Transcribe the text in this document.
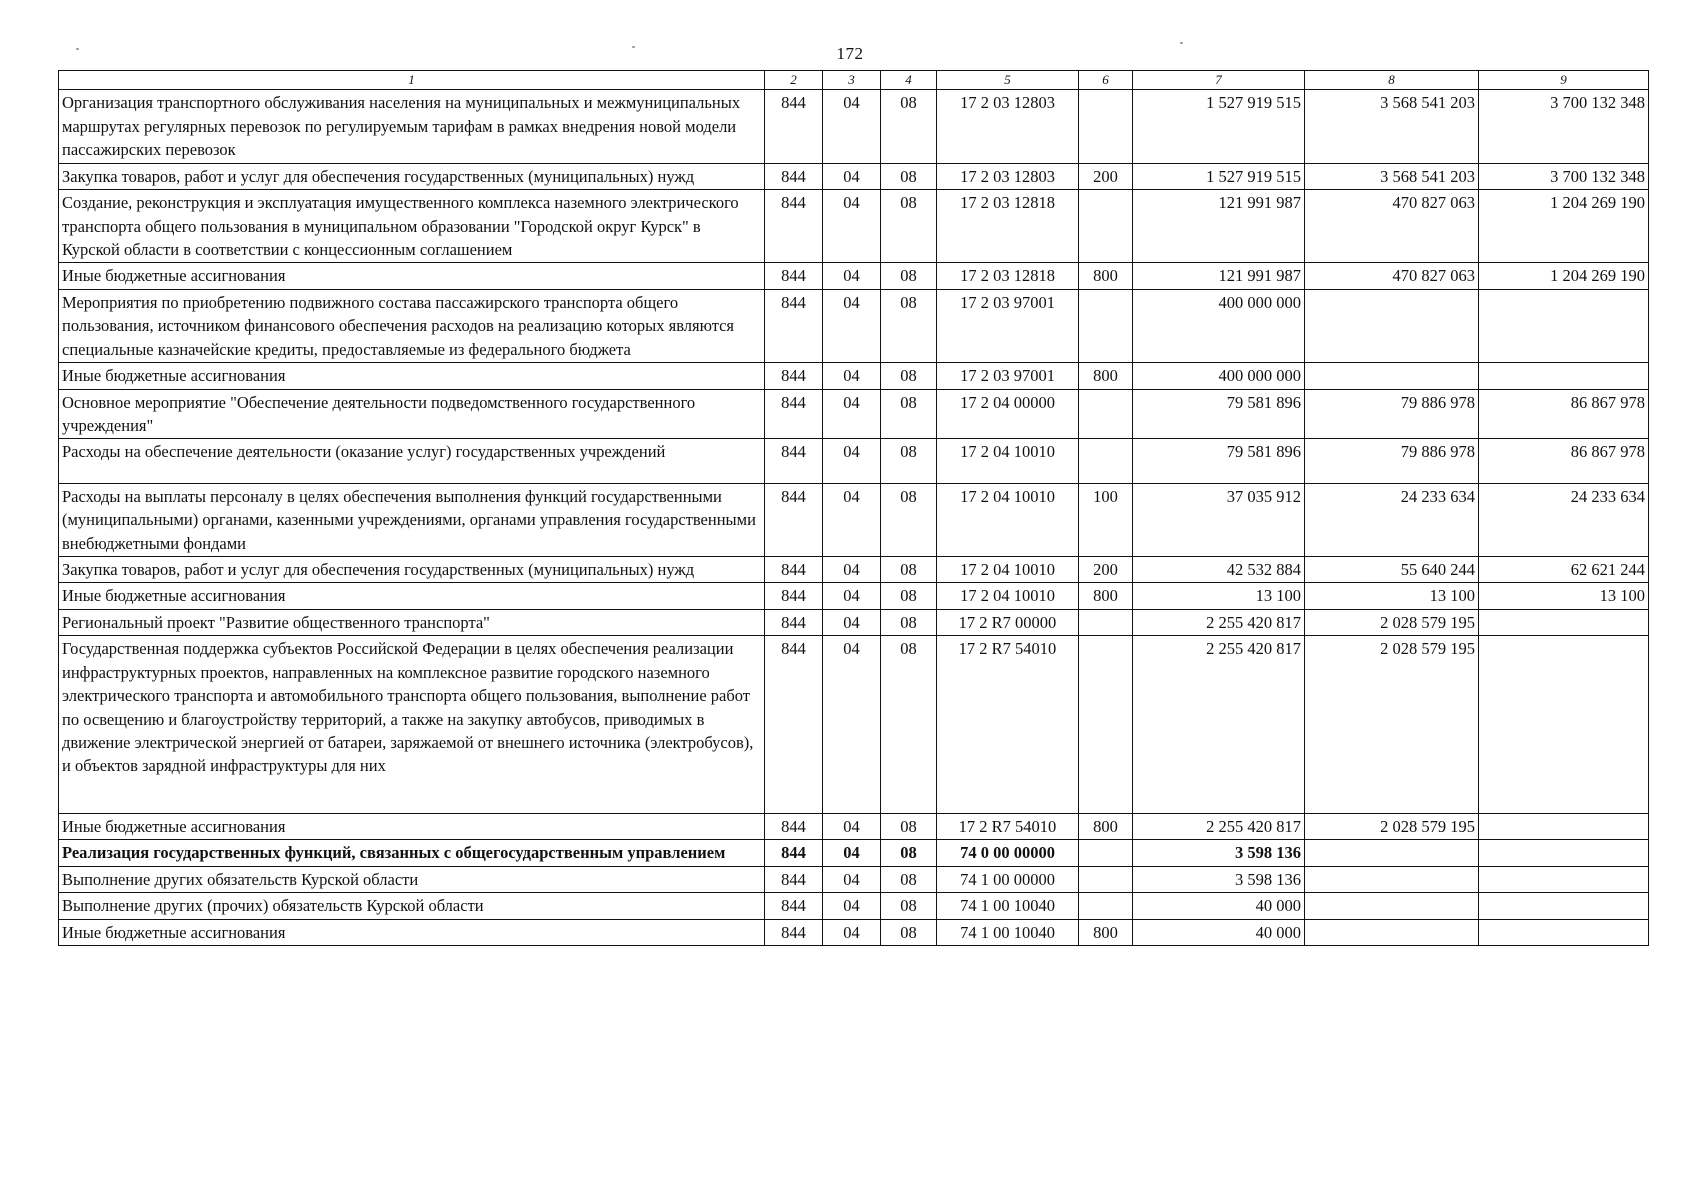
172
1	2	3	4	5	6	7	8	9
Организация транспортного обслуживания населения на муниципальных и межмуниципальных маршрутах регулярных перевозок по регулируемым тарифам в рамках внедрения новой модели пассажирских перевозок	844	04	08	17 2 03 12803		1 527 919 515	3 568 541 203	3 700 132 348
Закупка товаров, работ и услуг для обеспечения государственных (муниципальных) нужд	844	04	08	17 2 03 12803	200	1 527 919 515	3 568 541 203	3 700 132 348
Создание, реконструкция и эксплуатация имущественного комплекса наземного электрического транспорта общего пользования в муниципальном образовании "Городской округ Курск" в Курской области в соответствии с концессионным соглашением	844	04	08	17 2 03 12818		121 991 987	470 827 063	1 204 269 190
Иные бюджетные ассигнования	844	04	08	17 2 03 12818	800	121 991 987	470 827 063	1 204 269 190
Мероприятия по приобретению подвижного состава пассажирского транспорта общего пользования, источником финансового обеспечения расходов на реализацию которых являются специальные казначейские кредиты, предоставляемые из федерального бюджета	844	04	08	17 2 03 97001		400 000 000		
Иные бюджетные ассигнования	844	04	08	17 2 03 97001	800	400 000 000		
Основное мероприятие "Обеспечение деятельности подведомственного государственного учреждения"	844	04	08	17 2 04 00000		79 581 896	79 886 978	86 867 978
Расходы на обеспечение деятельности (оказание услуг) государственных учреждений	844	04	08	17 2 04 10010		79 581 896	79 886 978	86 867 978
Расходы на выплаты персоналу в целях обеспечения выполнения функций государственными (муниципальными) органами, казенными учреждениями, органами управления государственными внебюджетными фондами	844	04	08	17 2 04 10010	100	37 035 912	24 233 634	24 233 634
Закупка товаров, работ и услуг для обеспечения государственных (муниципальных) нужд	844	04	08	17 2 04 10010	200	42 532 884	55 640 244	62 621 244
Иные бюджетные ассигнования	844	04	08	17 2 04 10010	800	13 100	13 100	13 100
Региональный проект "Развитие общественного транспорта"	844	04	08	17 2 R7 00000		2 255 420 817	2 028 579 195	
Государственная поддержка субъектов Российской Федерации в целях обеспечения реализации инфраструктурных проектов, направленных на комплексное развитие городского наземного электрического транспорта и автомобильного транспорта общего пользования, выполнение работ по освещению и благоустройству территорий, а также на закупку автобусов, приводимых в движение электрической энергией от батареи, заряжаемой от внешнего источника (электробусов), и объектов зарядной инфраструктуры для них	844	04	08	17 2 R7 54010		2 255 420 817	2 028 579 195	
Иные бюджетные ассигнования	844	04	08	17 2 R7 54010	800	2 255 420 817	2 028 579 195	
Реализация государственных функций, связанных с общегосударственным управлением	844	04	08	74 0 00 00000		3 598 136		
Выполнение других обязательств Курской области	844	04	08	74 1 00 00000		3 598 136		
Выполнение других (прочих) обязательств Курской области	844	04	08	74 1 00 10040		40 000		
Иные бюджетные ассигнования	844	04	08	74 1 00 10040	800	40 000		
